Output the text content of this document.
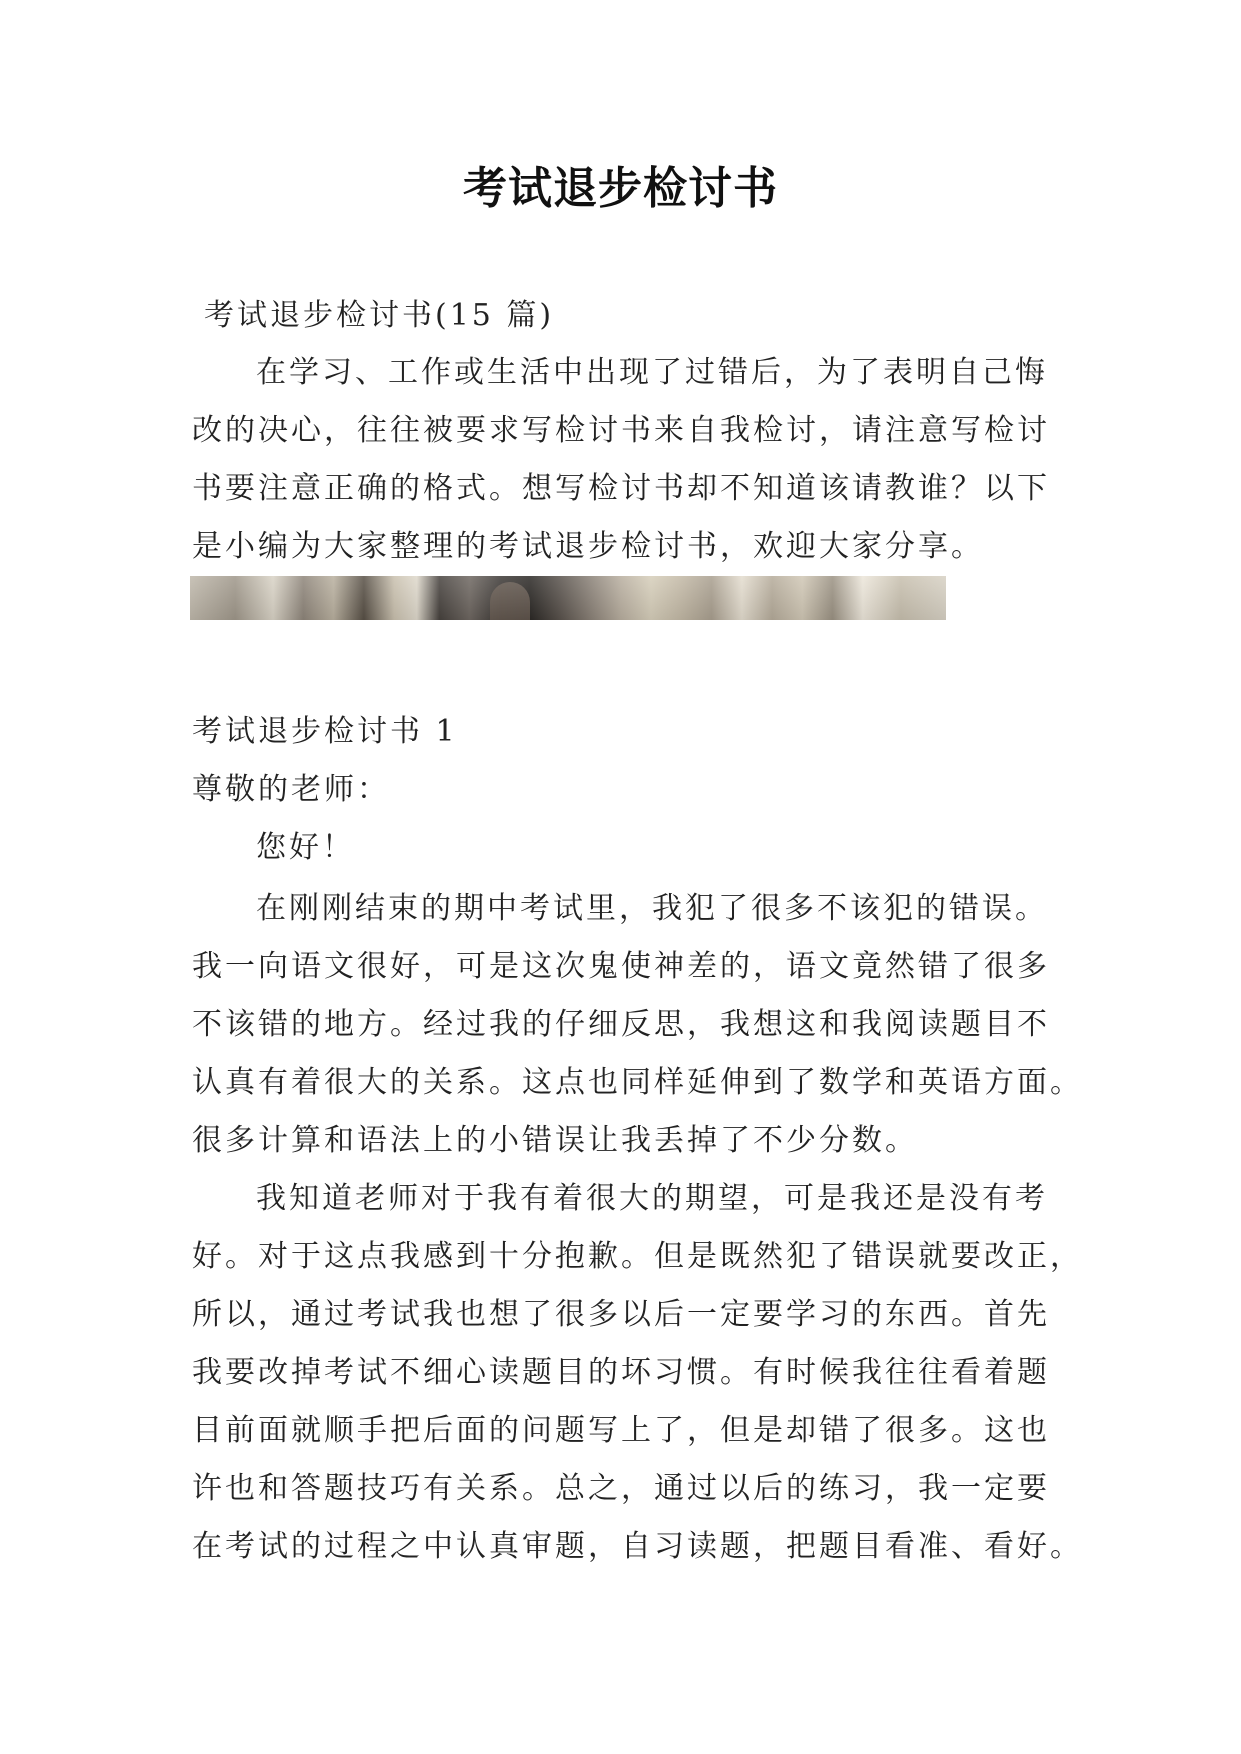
考试退步检讨书
考试退步检讨书(15 篇)
在学习、工作或生活中出现了过错后，为了表明自己悔
改的决心，往往被要求写检讨书来自我检讨，请注意写检讨
书要注意正确的格式。想写检讨书却不知道该请教谁？以下
是小编为大家整理的考试退步检讨书，欢迎大家分享。
考试退步检讨书 1
尊敬的老师：
您好！
在刚刚结束的期中考试里，我犯了很多不该犯的错误。
我一向语文很好，可是这次鬼使神差的，语文竟然错了很多
不该错的地方。经过我的仔细反思，我想这和我阅读题目不
认真有着很大的关系。这点也同样延伸到了数学和英语方面。
很多计算和语法上的小错误让我丢掉了不少分数。
我知道老师对于我有着很大的期望，可是我还是没有考
好。对于这点我感到十分抱歉。但是既然犯了错误就要改正，
所以，通过考试我也想了很多以后一定要学习的东西。首先
我要改掉考试不细心读题目的坏习惯。有时候我往往看着题
目前面就顺手把后面的问题写上了，但是却错了很多。这也
许也和答题技巧有关系。总之，通过以后的练习，我一定要
在考试的过程之中认真审题，自习读题，把题目看准、看好。
